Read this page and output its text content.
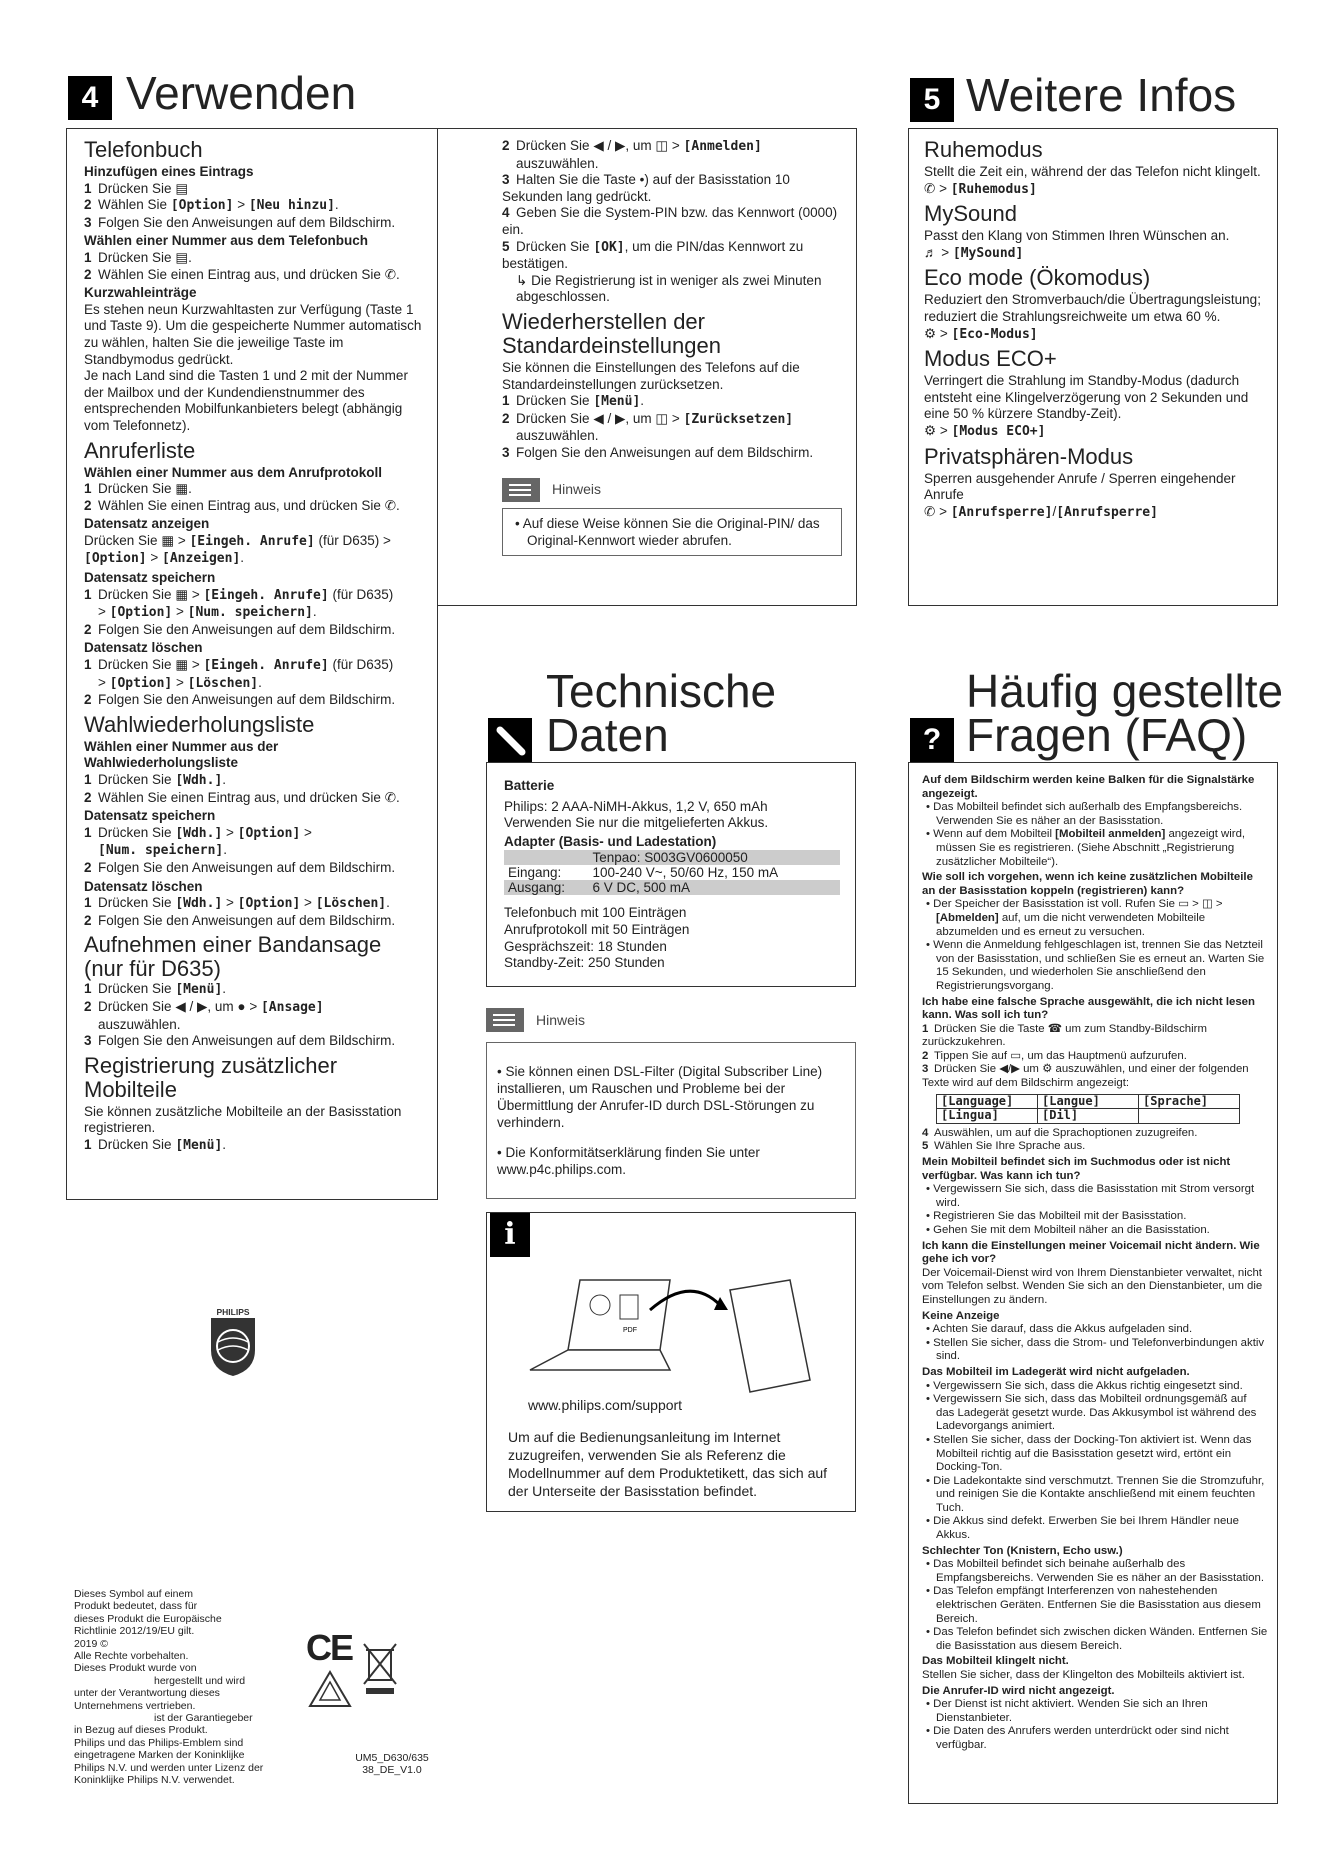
4 Verwenden
Telefonbuch
Hinzufügen eines Eintrags

1 Drücken Sie ▤

2 Wählen Sie [Option] > [Neu hinzu].

3 Folgen Sie den Anweisungen auf dem Bildschirm.

Wählen einer Nummer aus dem Telefonbuch

1 Drücken Sie ▤.

2 Wählen Sie einen Eintrag aus, und drücken Sie ✆.

Kurzwahleinträge

Es stehen neun Kurzwahltasten zur Verfügung (Taste 1 und Taste 9). Um die gespeicherte Nummer automatisch zu wählen, halten Sie die jeweilige Taste im Standbymodus gedrückt.

Je nach Land sind die Tasten 1 und 2 mit der Nummer der Mailbox und der Kundendienstnummer des entsprechenden Mobilfunkanbieters belegt (abhängig vom Telefonnetz).

Anruferliste
Wählen einer Nummer aus dem Anrufprotokoll

1 Drücken Sie ▦.

2 Wählen Sie einen Eintrag aus, und drücken Sie ✆.

Datensatz anzeigen

Drücken Sie ▦ > [Eingeh. Anrufe] (für D635) > [Option] > [Anzeigen].

Datensatz speichern

1 Drücken Sie ▦ > [Eingeh. Anrufe] (für D635)

> [Option] > [Num. speichern].

2 Folgen Sie den Anweisungen auf dem Bildschirm.

Datensatz löschen

1 Drücken Sie ▦ > [Eingeh. Anrufe] (für D635)

> [Option] > [Löschen].

2 Folgen Sie den Anweisungen auf dem Bildschirm.

Wahlwiederholungsliste
Wählen einer Nummer aus der Wahlwiederholungsliste

1 Drücken Sie [Wdh.].

2 Wählen Sie einen Eintrag aus, und drücken Sie ✆.

Datensatz speichern

1 Drücken Sie [Wdh.] > [Option] >

[Num. speichern].

2 Folgen Sie den Anweisungen auf dem Bildschirm.

Datensatz löschen

1 Drücken Sie [Wdh.] > [Option] > [Löschen].

2 Folgen Sie den Anweisungen auf dem Bildschirm.

Aufnehmen einer Bandansage
(nur für D635)

1 Drücken Sie [Menü].

2 Drücken Sie ◀ / ▶, um ● > [Ansage]

auszuwählen.

3 Folgen Sie den Anweisungen auf dem Bildschirm.

Registrierung zusätzlicher
Mobilteile

Sie können zusätzliche Mobilteile an der Basisstation registrieren.

1 Drücken Sie [Menü].

2 Drücken Sie ◀ / ▶, um ◫ > [Anmelden]

auszuwählen.

3 Halten Sie die Taste •) auf der Basisstation 10 Sekunden lang gedrückt.

4 Geben Sie die System-PIN bzw. das Kennwort (0000) ein.

5 Drücken Sie [OK], um die PIN/das Kennwort zu bestätigen.

↳ Die Registrierung ist in weniger als zwei Minuten abgeschlossen.

Wiederherstellen der
Standardeinstellungen

Sie können die Einstellungen des Telefons auf die Standardeinstellungen zurücksetzen.

1 Drücken Sie [Menü].

2 Drücken Sie ◀ / ▶, um ◫ > [Zurücksetzen]

auszuwählen.

3 Folgen Sie den Anweisungen auf dem Bildschirm.

Hinweis

• Auf diese Weise können Sie die Original-PIN/ das Original-Kennwort wieder abrufen.

5 Weitere Infos
Ruhemodus

Stellt die Zeit ein, während der das Telefon nicht klingelt.

✆ > [Ruhemodus]

MySound

Passt den Klang von Stimmen Ihren Wünschen an.

♬ > [MySound]

Eco mode (Ökomodus)

Reduziert den Stromverbauch/die Übertragungsleistung; reduziert die Strahlungsreichweite um etwa 60 %.

⚙ > [Eco-Modus]

Modus ECO+

Verringert die Strahlung im Standby-Modus (dadurch entsteht eine Klingelverzögerung von 2 Sekunden und eine 50 % kürzere Standby-Zeit).

⚙ > [Modus ECO+]

Privatsphären-Modus

Sperren ausgehender Anrufe / Sperren eingehender Anrufe

✆ > [Anrufsperre]/[Anrufsperre]

Technische
Daten
Batterie

Philips: 2 AAA-NiMH-Akkus, 1,2 V, 650 mAh

Verwenden Sie nur die mitgelieferten Akkus.

Adapter (Basis- und Ladestation)
	Tenpao: S003GV0600050
Eingang:	100-240 V~, 50/60 Hz, 150 mA
Ausgang:	6 V DC, 500 mA

Telefonbuch mit 100 Einträgen

Anrufprotokoll mit 50 Einträgen

Gesprächszeit: 18 Stunden

Standby-Zeit: 250 Stunden

Hinweis

• Sie können einen DSL-Filter (Digital Subscriber Line) installieren, um Rauschen und Probleme bei der Übermittlung der Anrufer-ID durch DSL-Störungen zu verhindern.

• Die Konformitätserklärung finden Sie unter www.p4c.philips.com.

i
PDF

www.philips.com/support

Um auf die Bedienungsanleitung im Internet zuzugreifen, verwenden Sie als Referenz die Modellnummer auf dem Produktetikett, das sich auf der Unterseite der Basisstation befindet.

Häufig gestellte
? Fragen (FAQ)

Auf dem Bildschirm werden keine Balken für die Signalstärke angezeigt.

• Das Mobilteil befindet sich außerhalb des Empfangsbereichs. Verwenden Sie es näher an der Basisstation.

• Wenn auf dem Mobilteil [Mobilteil anmelden] angezeigt wird, müssen Sie es registrieren. (Siehe Abschnitt „Registrierung zusätzlicher Mobilteile“).

Wie soll ich vorgehen, wenn ich keine zusätzlichen Mobilteile an der Basisstation koppeln (registrieren) kann?

• Der Speicher der Basisstation ist voll. Rufen Sie ▭ > ◫ > [Abmelden] auf, um die nicht verwendeten Mobilteile abzumelden und es erneut zu versuchen.

• Wenn die Anmeldung fehlgeschlagen ist, trennen Sie das Netzteil von der Basisstation, und schließen Sie es erneut an. Warten Sie 15 Sekunden, und wiederholen Sie anschließend den Registrierungsvorgang.

Ich habe eine falsche Sprache ausgewählt, die ich nicht lesen kann. Was soll ich tun?

1 Drücken Sie die Taste ☎ um zum Standby-Bildschirm zurückzukehren.

2 Tippen Sie auf ▭, um das Hauptmenü aufzurufen.

3 Drücken Sie ◀/▶ um ⚙ auszuwählen, und einer der folgenden Texte wird auf dem Bildschirm angezeigt:

[Language]	[Langue]	[Sprache]
[Lingua]	[Dil]	

4 Auswählen, um auf die Sprachoptionen zuzugreifen.

5 Wählen Sie Ihre Sprache aus.

Mein Mobilteil befindet sich im Suchmodus oder ist nicht verfügbar. Was kann ich tun?

• Vergewissern Sie sich, dass die Basisstation mit Strom versorgt wird.

• Registrieren Sie das Mobilteil mit der Basisstation.

• Gehen Sie mit dem Mobilteil näher an die Basisstation.

Ich kann die Einstellungen meiner Voicemail nicht ändern. Wie gehe ich vor?

Der Voicemail-Dienst wird von Ihrem Dienstanbieter verwaltet, nicht vom Telefon selbst. Wenden Sie sich an den Dienstanbieter, um die Einstellungen zu ändern.

Keine Anzeige

• Achten Sie darauf, dass die Akkus aufgeladen sind.

• Stellen Sie sicher, dass die Strom- und Telefonverbindungen aktiv sind.

Das Mobilteil im Ladegerät wird nicht aufgeladen.

• Vergewissern Sie sich, dass die Akkus richtig eingesetzt sind.

• Vergewissern Sie sich, dass das Mobilteil ordnungsgemäß auf das Ladegerät gesetzt wurde. Das Akkusymbol ist während des Ladevorgangs animiert.

• Stellen Sie sicher, dass der Docking-Ton aktiviert ist. Wenn das Mobilteil richtig auf die Basisstation gesetzt wird, ertönt ein Docking-Ton.

• Die Ladekontakte sind verschmutzt. Trennen Sie die Stromzufuhr, und reinigen Sie die Kontakte anschließend mit einem feuchten Tuch.

• Die Akkus sind defekt. Erwerben Sie bei Ihrem Händler neue Akkus.

Schlechter Ton (Knistern, Echo usw.)

• Das Mobilteil befindet sich beinahe außerhalb des Empfangsbereichs. Verwenden Sie es näher an der Basisstation.

• Das Telefon empfängt Interferenzen von nahestehenden elektrischen Geräten. Entfernen Sie die Basisstation aus diesem Bereich.

• Das Telefon befindet sich zwischen dicken Wänden. Entfernen Sie die Basisstation aus diesem Bereich.

Das Mobilteil klingelt nicht.

Stellen Sie sicher, dass der Klingelton des Mobilteils aktiviert ist.

Die Anrufer-ID wird nicht angezeigt.

• Der Dienst ist nicht aktiviert. Wenden Sie sich an Ihren Dienstanbieter.

• Die Daten des Anrufers werden unterdrückt oder sind nicht verfügbar.

PHILIPS

Dieses Symbol auf einem

Produkt bedeutet, dass für

dieses Produkt die Europäische

Richtlinie 2012/19/EU gilt.

2019 ©

Alle Rechte vorbehalten.

Dieses Produkt wurde von

hergestellt und wird

unter der Verantwortung dieses

Unternehmens vertrieben.

ist der Garantiegeber

in Bezug auf dieses Produkt.

Philips und das Philips-Emblem sind

eingetragene Marken der Koninklijke

Philips N.V. und werden unter Lizenz der

Koninklijke Philips N.V. verwendet.

CE

UM5_D630/635

38_DE_V1.0
